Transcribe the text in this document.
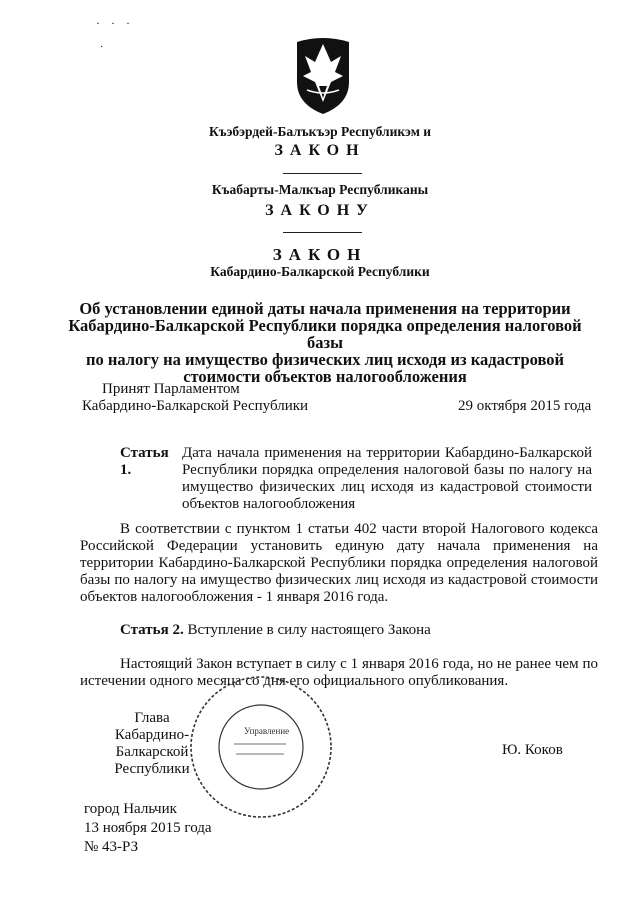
· · ·
·
Къэбэрдей-Балъкъэр Республикэм и
ЗАКОН
Къабарты-Малкъар Республиканы
ЗАКОНУ
ЗАКОН
Кабардино-Балкарской Республики
Об установлении единой даты начала применения на территории
Кабардино-Балкарской Республики порядка определения налоговой базы
по налогу на имущество физических лиц исходя из кадастровой
стоимости объектов налогообложения
Принят Парламентом
Кабардино-Балкарской Республики	29 октября 2015 года
Статья 1.Дата начала применения на территории Кабардино-Балкарской Республики порядка определения налоговой базы по налогу на имущество физических лиц исходя из кадастровой стоимости объектов налогообложения
В соответствии с пунктом 1 статьи 402 части второй Налогового кодекса Российской Федерации установить единую дату начала применения на территории Кабардино-Балкарской Республики порядка определения налоговой базы по налогу на имущество физических лиц исходя из кадастровой стоимости объектов налогообложения - 1 января 2016 года.
Статья 2. Вступление в силу настоящего Закона
Настоящий Закон вступает в силу с 1 января 2016 года, но не ранее чем по истечении одного месяца со дня его официального опубликования.
Управление
Глава
Кабардино-Балкарской
Республики
Ю. Коков
город Нальчик
13 ноября 2015 года
№ 43-РЗ
